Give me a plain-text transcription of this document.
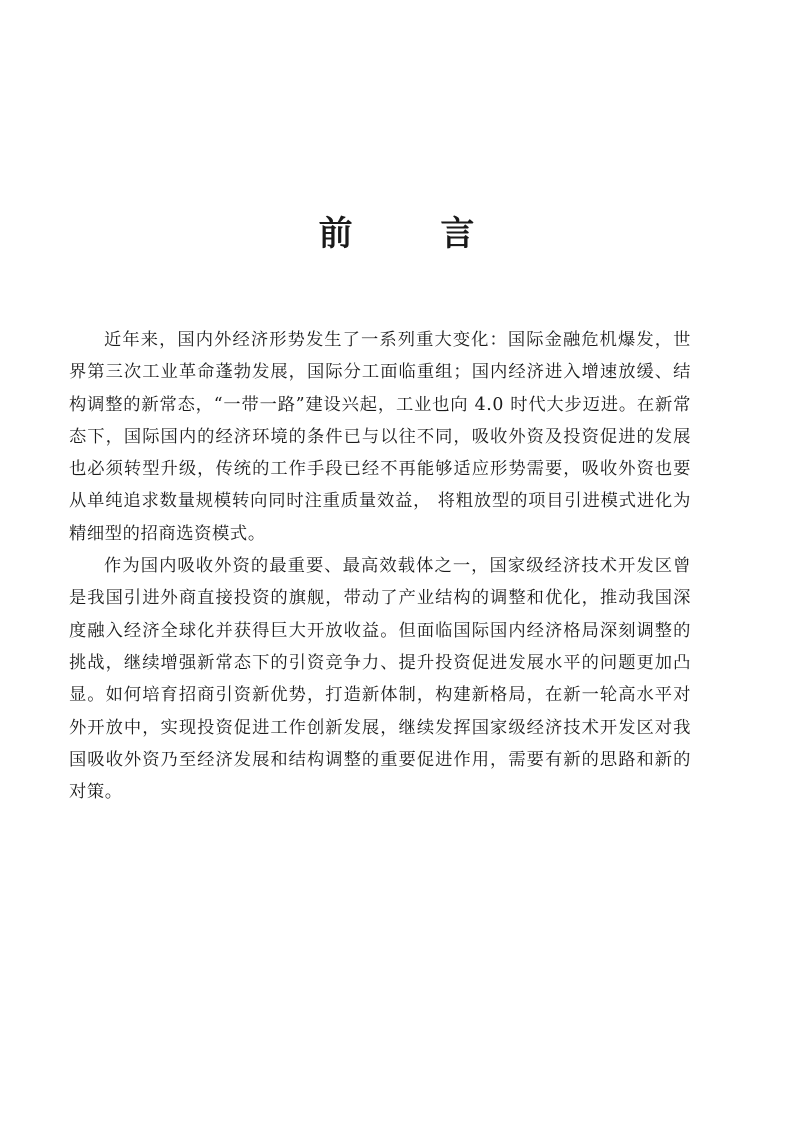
前 言

近年来，国内外经济形势发生了一系列重大变化：国际金融危机爆发，世界第三次工业革命蓬勃发展，国际分工面临重组；国内经济进入增速放缓、结构调整的新常态，“一带一路”建设兴起，工业也向 4.0 时代大步迈进。在新常态下，国际国内的经济环境的条件已与以往不同，吸收外资及投资促进的发展也必须转型升级，传统的工作手段已经不再能够适应形势需要，吸收外资也要从单纯追求数量规模转向同时注重质量效益， 将粗放型的项目引进模式进化为精细型的招商选资模式。

作为国内吸收外资的最重要、最高效载体之一，国家级经济技术开发区曾是我国引进外商直接投资的旗舰，带动了产业结构的调整和优化，推动我国深度融入经济全球化并获得巨大开放收益。但面临国际国内经济格局深刻调整的挑战，继续增强新常态下的引资竞争力、提升投资促进发展水平的问题更加凸显。如何培育招商引资新优势，打造新体制，构建新格局，在新一轮高水平对外开放中，实现投资促进工作创新发展，继续发挥国家级经济技术开发区对我国吸收外资乃至经济发展和结构调整的重要促进作用，需要有新的思路和新的对策。
